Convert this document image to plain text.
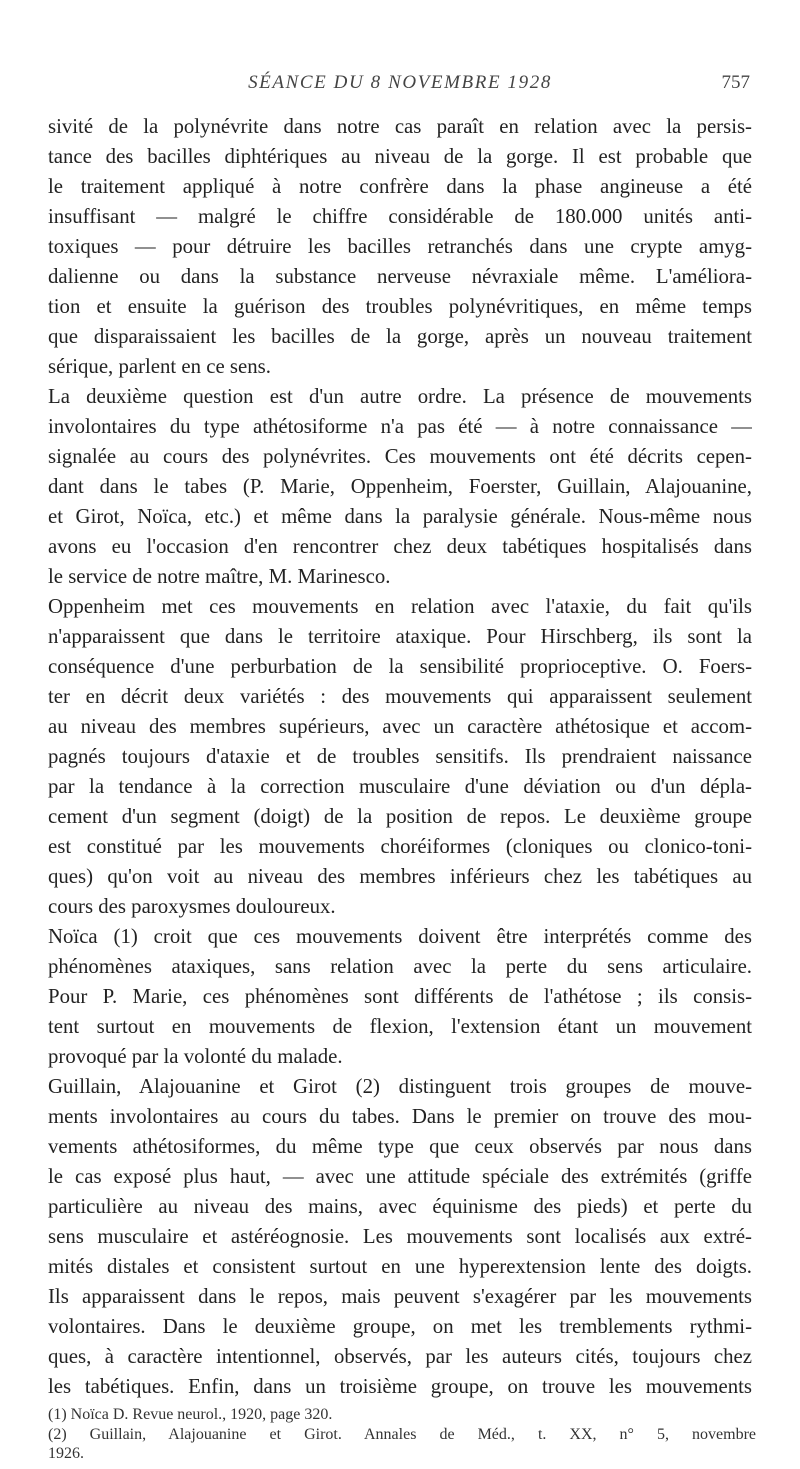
SÉANCE DU 8 NOVEMBRE 1928	757
sivité de la polynévrite dans notre cas paraît en relation avec la persis-
tance des bacilles diphtériques au niveau de la gorge. Il est probable que
le traitement appliqué à notre confrère dans la phase angineuse a été
insuffisant — malgré le chiffre considérable de 180.000 unités anti-
toxiques — pour détruire les bacilles retranchés dans une crypte amyg-
dalienne ou dans la substance nerveuse névraxiale même. L'améliora-
tion et ensuite la guérison des troubles polynévritiques, en même temps
que disparaissaient les bacilles de la gorge, après un nouveau traitement
sérique, parlent en ce sens.
La deuxième question est d'un autre ordre. La présence de mouvements
involontaires du type athétosiforme n'a pas été — à notre connaissance —
signalée au cours des polynévrites. Ces mouvements ont été décrits cepen-
dant dans le tabes (P. Marie, Oppenheim, Foerster, Guillain, Alajouanine,
et Girot, Noïca, etc.) et même dans la paralysie générale. Nous-même nous
avons eu l'occasion d'en rencontrer chez deux tabétiques hospitalisés dans
le service de notre maître, M. Marinesco.
Oppenheim met ces mouvements en relation avec l'ataxie, du fait qu'ils
n'apparaissent que dans le territoire ataxique. Pour Hirschberg, ils sont la
conséquence d'une perburbation de la sensibilité proprioceptive. O. Foers-
ter en décrit deux variétés : des mouvements qui apparaissent seulement
au niveau des membres supérieurs, avec un caractère athétosique et accom-
pagnés toujours d'ataxie et de troubles sensitifs. Ils prendraient naissance
par la tendance à la correction musculaire d'une déviation ou d'un dépla-
cement d'un segment (doigt) de la position de repos. Le deuxième groupe
est constitué par les mouvements choréiformes (cloniques ou clonico-toni-
ques) qu'on voit au niveau des membres inférieurs chez les tabétiques au
cours des paroxysmes douloureux.
Noïca (1) croit que ces mouvements doivent être interprétés comme des
phénomènes ataxiques, sans relation avec la perte du sens articulaire.
Pour P. Marie, ces phénomènes sont différents de l'athétose ; ils consis-
tent surtout en mouvements de flexion, l'extension étant un mouvement
provoqué par la volonté du malade.
Guillain, Alajouanine et Girot (2) distinguent trois groupes de mouve-
ments involontaires au cours du tabes. Dans le premier on trouve des mou-
vements athétosiformes, du même type que ceux observés par nous dans
le cas exposé plus haut, — avec une attitude spéciale des extrémités (griffe
particulière au niveau des mains, avec équinisme des pieds) et perte du
sens musculaire et astéréognosie. Les mouvements sont localisés aux extré-
mités distales et consistent surtout en une hyperextension lente des doigts.
Ils apparaissent dans le repos, mais peuvent s'exagérer par les mouvements
volontaires. Dans le deuxième groupe, on met les tremblements rythmi-
ques, à caractère intentionnel, observés, par les auteurs cités, toujours chez
les tabétiques. Enfin, dans un troisième groupe, on trouve les mouvements
(1) Noïca D. Revue neurol., 1920, page 320.
(2) Guillain, Alajouanine et Girot. Annales de Méd., t. XX, n° 5, novembre
1926.
